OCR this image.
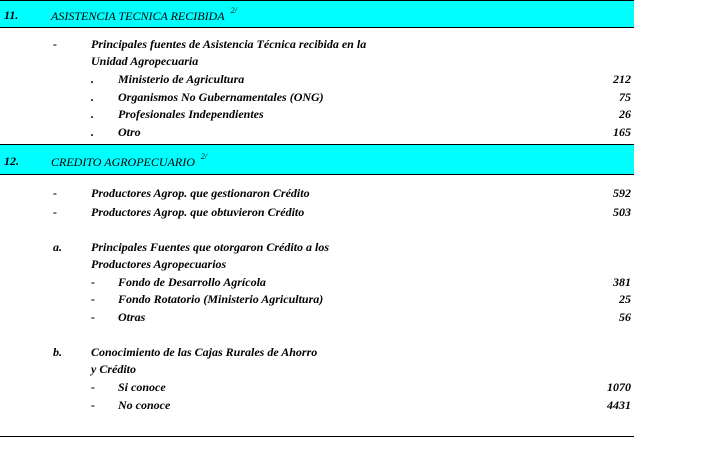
11.	ASISTENCIA TECNICA RECIBIDA $^{2/}$
-	Principales fuentes de Asistencia Técnica recibida en la
Unidad Agropecuaria
. Ministerio de Agricultura	212
. Organismos No Gubernamentales (ONG)	75
. Profesionales Independientes	26
. Otro	165
12.	CREDITO AGROPECUARIO $^{2/}$
-	Productores Agrop. que gestionaron Crédito	592
-	Productores Agrop. que obtuvieron Crédito	503
a. Principales Fuentes que otorgaron Crédito a los
Productores Agropecuarios
- Fondo de Desarrollo Agrícola	381
- Fondo Rotatorio (Ministerio Agricultura)	25
- Otras	56
b. Conocimiento de las Cajas Rurales de Ahorro
y Crédito
- Si conoce	1070
- No conoce	4431
